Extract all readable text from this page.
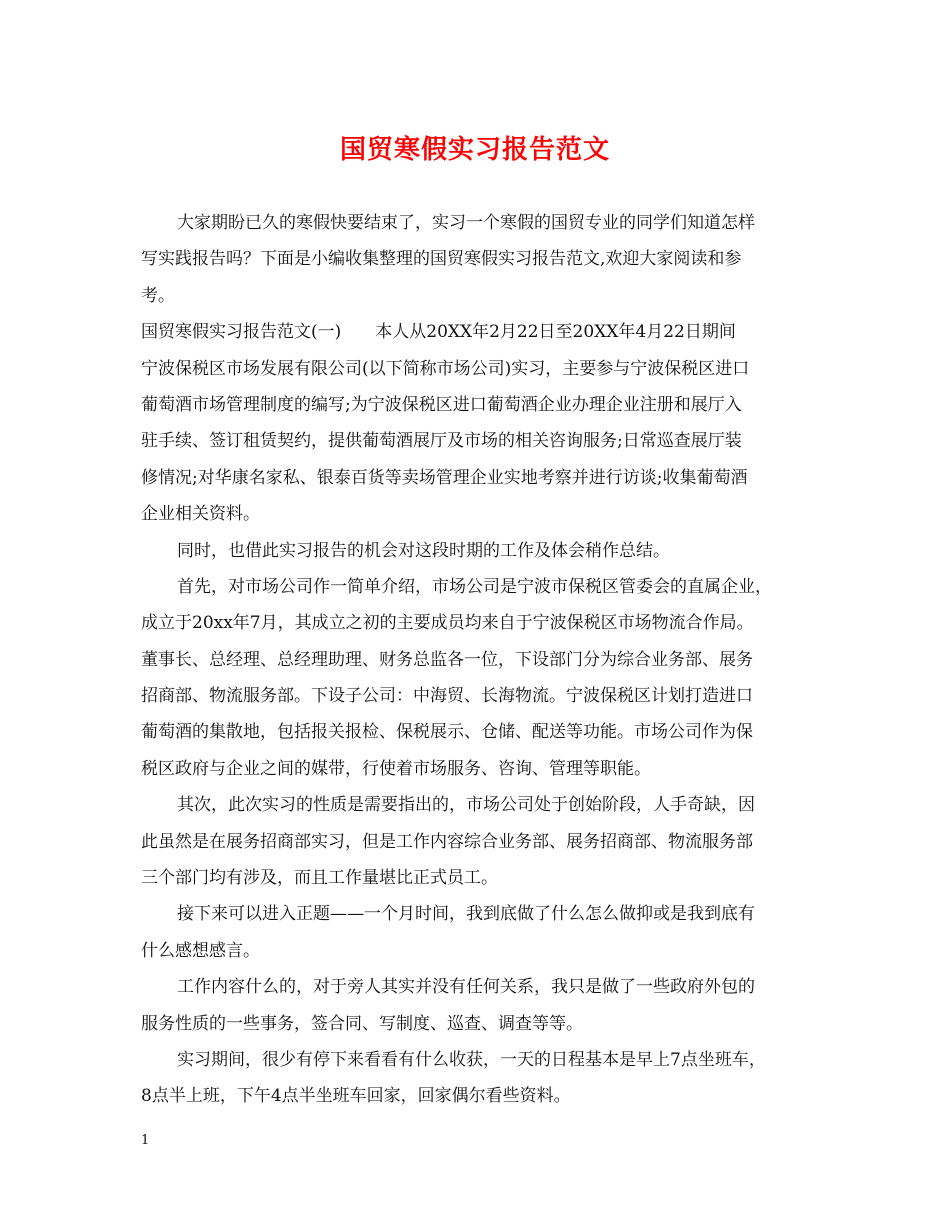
国贸寒假实习报告范文
大家期盼已久的寒假快要结束了，实习一个寒假的国贸专业的同学们知道怎样
写实践报告吗？下面是小编收集整理的国贸寒假实习报告范文,欢迎大家阅读和参
考。
国贸寒假实习报告范文(一)　　本人从20XX年2月22日至20XX年4月22日期间
宁波保税区市场发展有限公司(以下简称市场公司)实习，主要参与宁波保税区进口
葡萄酒市场管理制度的编写;为宁波保税区进口葡萄酒企业办理企业注册和展厅入
驻手续、签订租赁契约，提供葡萄酒展厅及市场的相关咨询服务;日常巡查展厅装
修情况;对华康名家私、银泰百货等卖场管理企业实地考察并进行访谈;收集葡萄酒
企业相关资料。
同时，也借此实习报告的机会对这段时期的工作及体会稍作总结。
首先，对市场公司作一简单介绍，市场公司是宁波市保税区管委会的直属企业，
成立于20xx年7月，其成立之初的主要成员均来自于宁波保税区市场物流合作局。
董事长、总经理、总经理助理、财务总监各一位，下设部门分为综合业务部、展务
招商部、物流服务部。下设子公司：中海贸、长海物流。宁波保税区计划打造进口
葡萄酒的集散地，包括报关报检、保税展示、仓储、配送等功能。市场公司作为保
税区政府与企业之间的媒带，行使着市场服务、咨询、管理等职能。
其次，此次实习的性质是需要指出的，市场公司处于创始阶段，人手奇缺，因
此虽然是在展务招商部实习，但是工作内容综合业务部、展务招商部、物流服务部
三个部门均有涉及，而且工作量堪比正式员工。
接下来可以进入正题——一个月时间，我到底做了什么怎么做抑或是我到底有
什么感想感言。
工作内容什么的，对于旁人其实并没有任何关系，我只是做了一些政府外包的
服务性质的一些事务，签合同、写制度、巡查、调查等等。
实习期间，很少有停下来看看有什么收获，一天的日程基本是早上7点坐班车，
8点半上班，下午4点半坐班车回家，回家偶尔看些资料。

1
